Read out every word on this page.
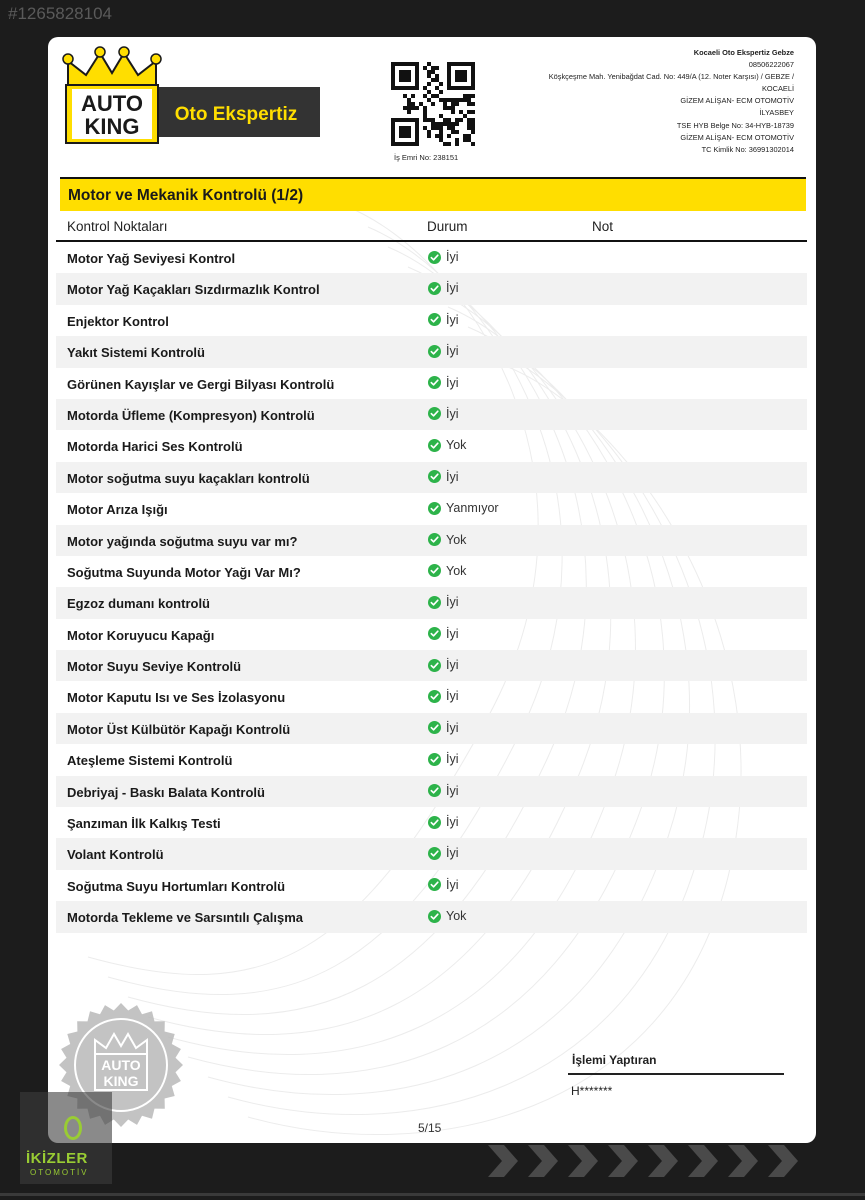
#1265828104
AUTO
KING Oto Ekspertiz
İş Emri No: 238151
Kocaeli Oto Ekspertiz Gebze
08506222067
Köşkçeşme Mah. Yenibağdat Cad. No: 449/A (12. Noter Karşısı) / GEBZE /
KOCAELİ
GİZEM ALİŞAN- ECM OTOMOTİV
İLYASBEY
TSE HYB Belge No: 34-HYB-18739
GİZEM ALİŞAN- ECM OTOMOTİV
TC Kimlik No: 36991302014
Motor ve Mekanik Kontrolü (1/2)
Kontrol Noktaları	Durum	Not
Motor Yağ Seviyesi Kontrol	İyi
Motor Yağ Kaçakları Sızdırmazlık Kontrol	İyi
Enjektor Kontrol	İyi
Yakıt Sistemi Kontrolü	İyi
Görünen Kayışlar ve Gergi Bilyası Kontrolü	İyi
Motorda Üfleme (Kompresyon) Kontrolü	İyi
Motorda Harici Ses Kontrolü	Yok
Motor soğutma suyu kaçakları kontrolü	İyi
Motor Arıza Işığı	Yanmıyor
Motor yağında soğutma suyu var mı?	Yok
Soğutma Suyunda Motor Yağı Var Mı?	Yok
Egzoz dumanı kontrolü	İyi
Motor Koruyucu Kapağı	İyi
Motor Suyu Seviye Kontrolü	İyi
Motor Kaputu Isı ve Ses İzolasyonu	İyi
Motor Üst Külbütör Kapağı Kontrolü	İyi
Ateşleme Sistemi Kontrolü	İyi
Debriyaj - Baskı Balata Kontrolü	İyi
Şanzıman İlk Kalkış Testi	İyi
Volant Kontrolü	İyi
Soğutma Suyu Hortumları Kontrolü	İyi
Motorda Tekleme ve Sarsıntılı Çalışma	Yok
AUTO
KING
İKİZLER
OTOMOTİV
İşlemi Yaptıran
H*******
5/15
